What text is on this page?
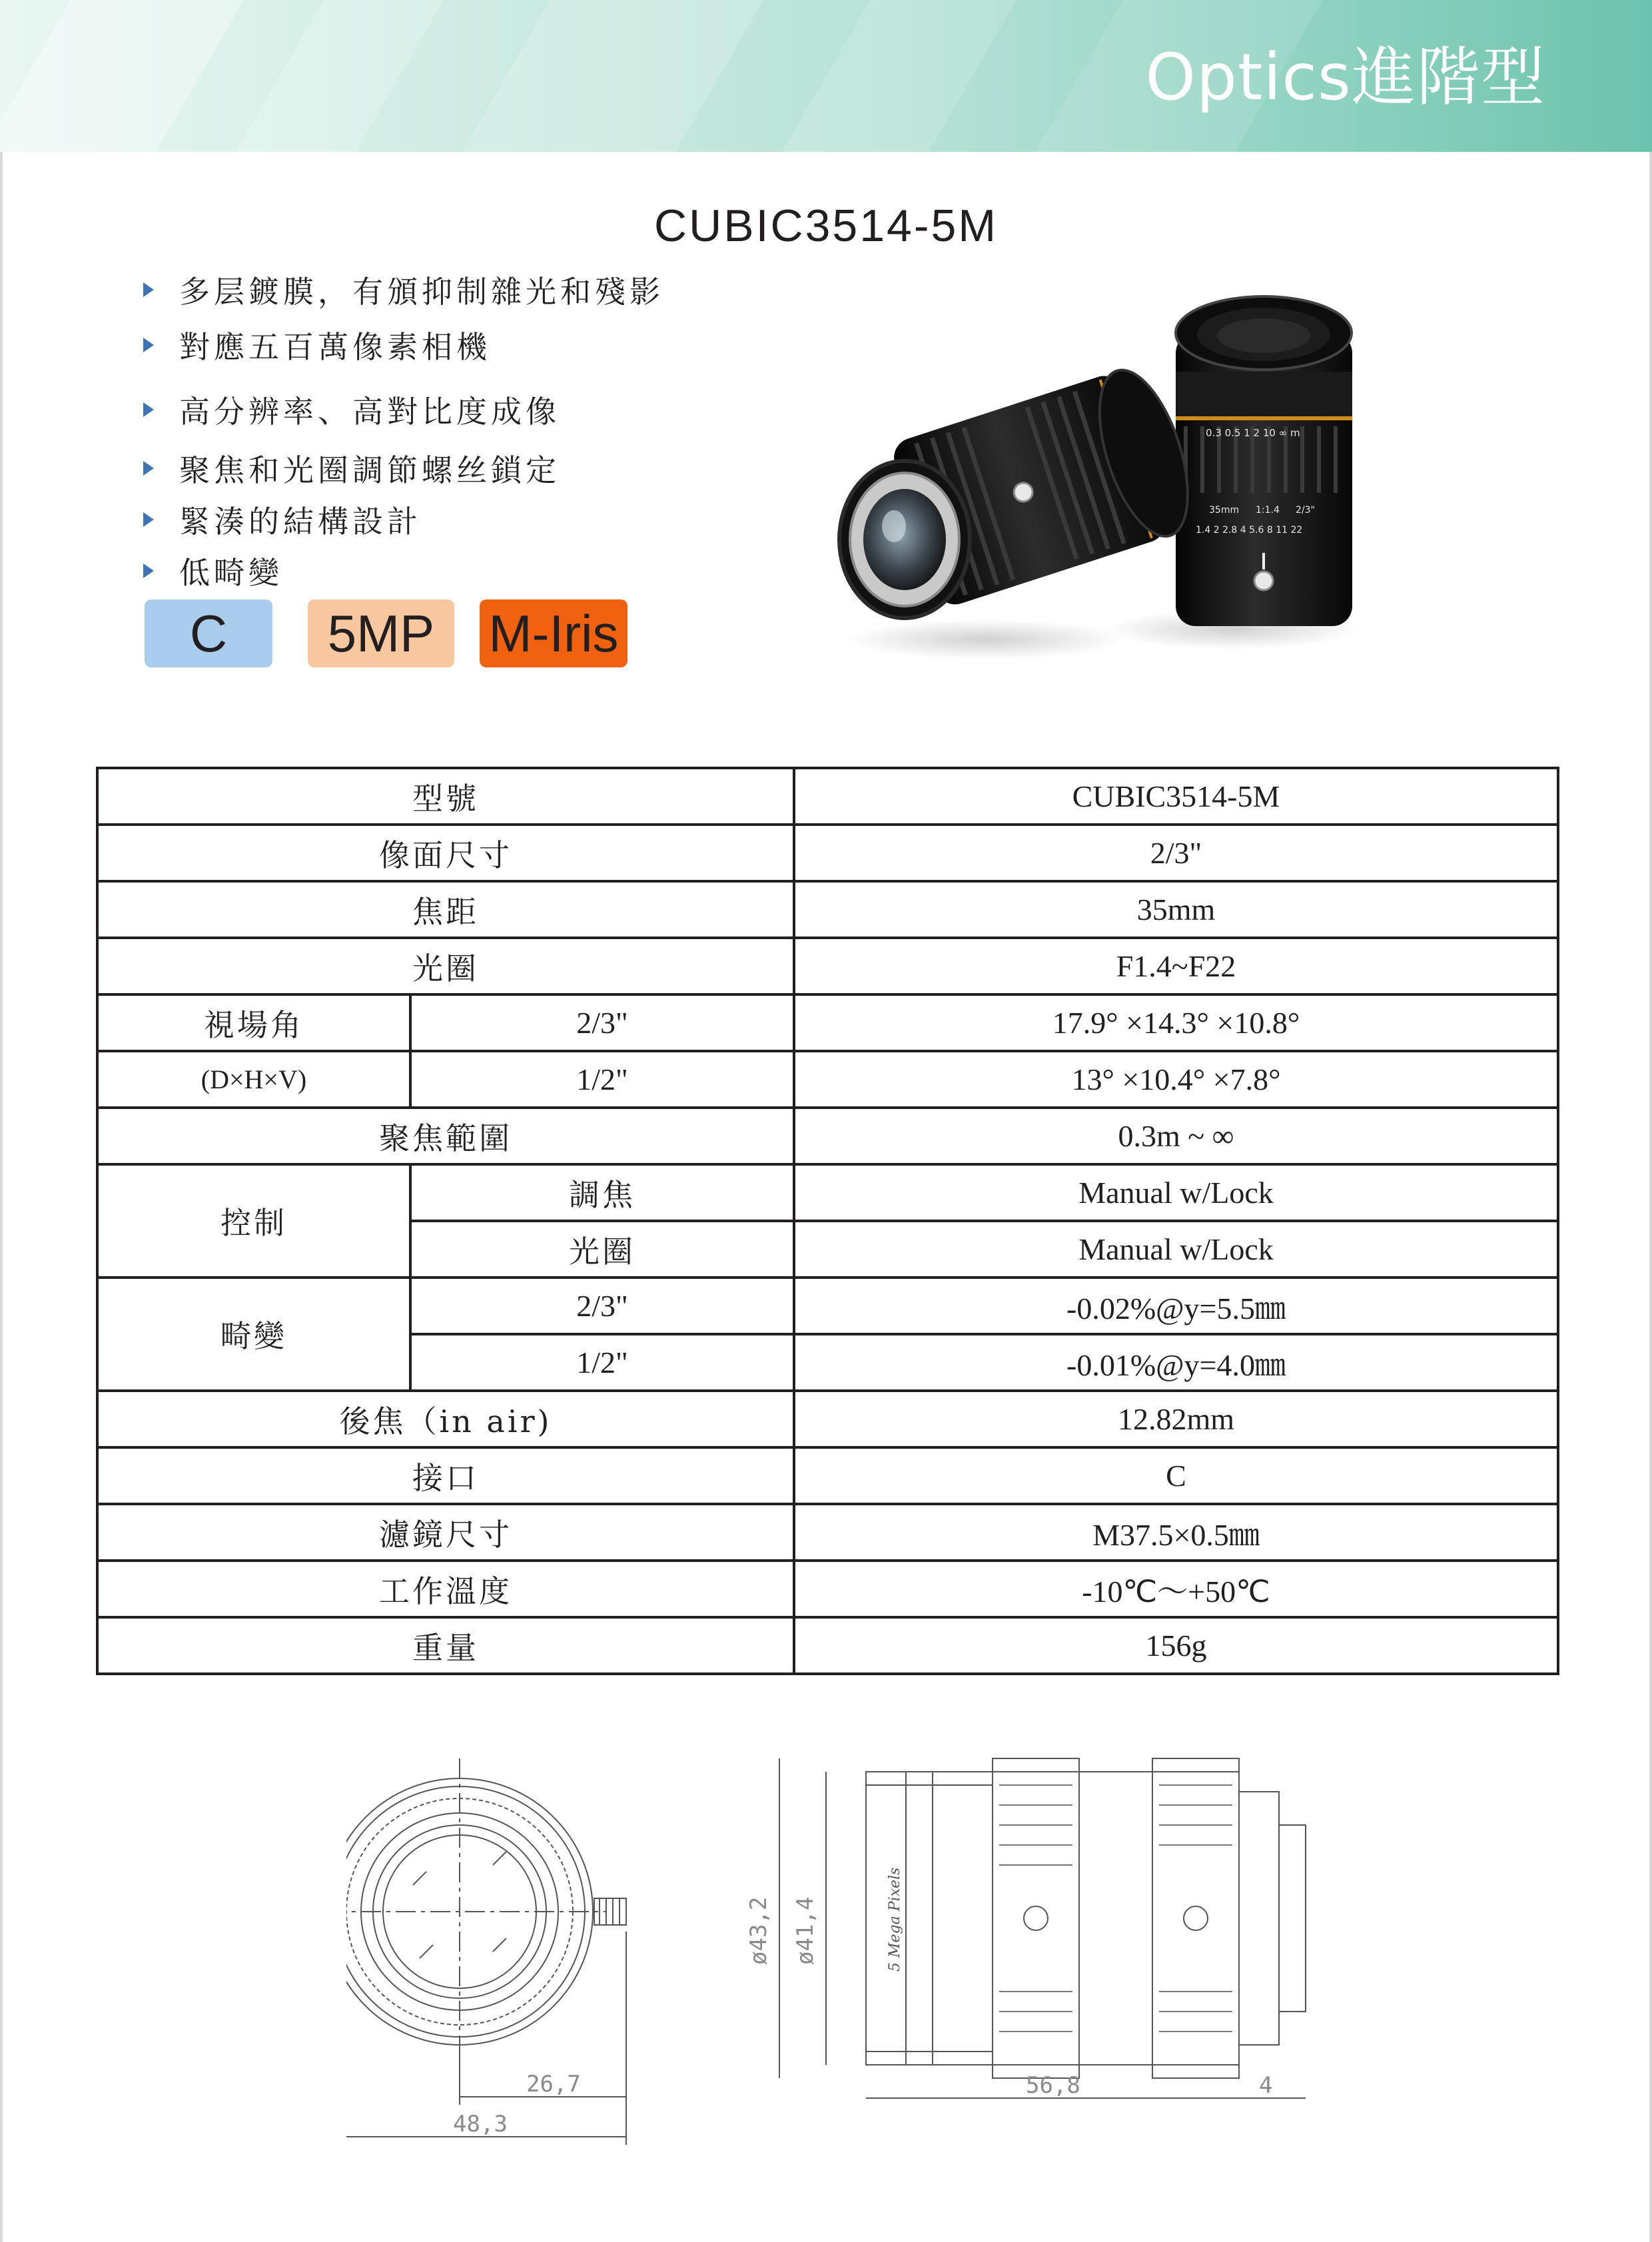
Optics進階型
CUBIC3514-5M
多层鍍膜，有頒抑制雜光和殘影
對應五百萬像素相機
高分辨率、高對比度成像
聚焦和光圈調節螺丝鎖定
緊湊的結構設計
低畸變
C	5MP	M-Iris
0.3 0.5 1 2 10 ∞ m
35mm 1:1.4 2/3"
1.4 2 2.8 4 5.6 8 11 22
型號		CUBIC3514-5M
像面尺寸		2/3"
焦距		35mm
光圈		F1.4~F22
視場角	2/3"	17.9° ×14.3° ×10.8°
(D×H×V)	1/2"	13° ×10.4° ×7.8°
聚焦範圍		0.3m ~ ∞
控制	調焦	Manual w/Lock
	光圈	Manual w/Lock
畸變	2/3"	-0.02%@y=5.5㎜
	1/2"	-0.01%@y=4.0㎜
後焦（in air)		12.82mm
接口		C
濾鏡尺寸		M37.5×0.5㎜
工作溫度		-10℃～+50℃
重量		156g
26,7
48,3
ø43,2 ø41,4
56,8	4
5 Mega Pixels
